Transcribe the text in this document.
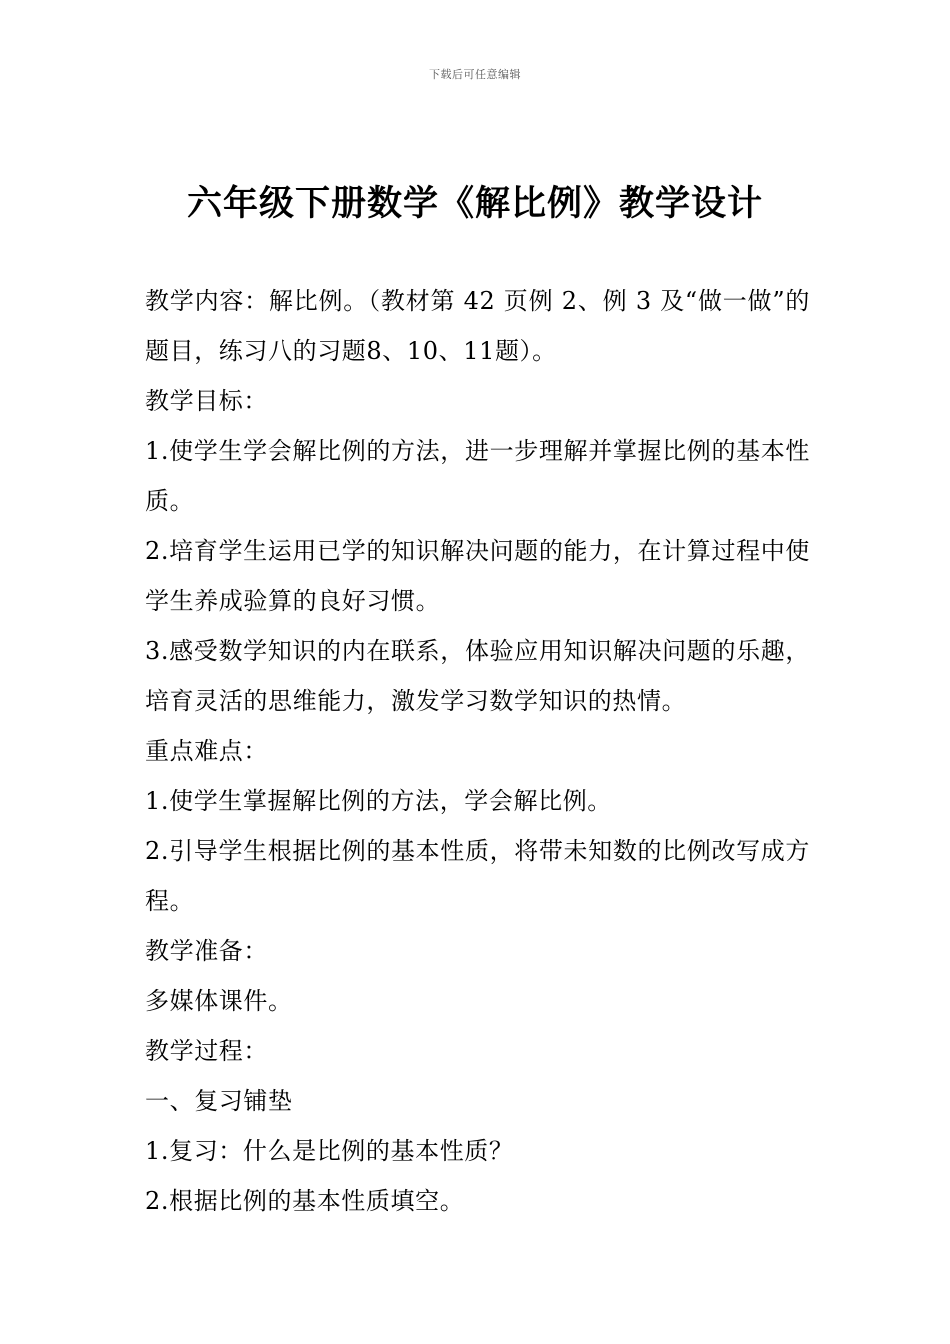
下载后可任意编辑
六年级下册数学《解比例》教学设计

教学内容：解比例。（教材第 42 页例 2、例 3 及“做一做”的题目，练习八的习题8、10、11题）。

教学目标：

1.使学生学会解比例的方法，进一步理解并掌握比例的基本性质。

2.培育学生运用已学的知识解决问题的能力，在计算过程中使学生养成验算的良好习惯。

3.感受数学知识的内在联系，体验应用知识解决问题的乐趣，培育灵活的思维能力，激发学习数学知识的热情。

重点难点：

1.使学生掌握解比例的方法，学会解比例。

2.引导学生根据比例的基本性质，将带未知数的比例改写成方程。

教学准备：

多媒体课件。

教学过程：

一、复习铺垫

1.复习：什么是比例的基本性质？

2.根据比例的基本性质填空。
